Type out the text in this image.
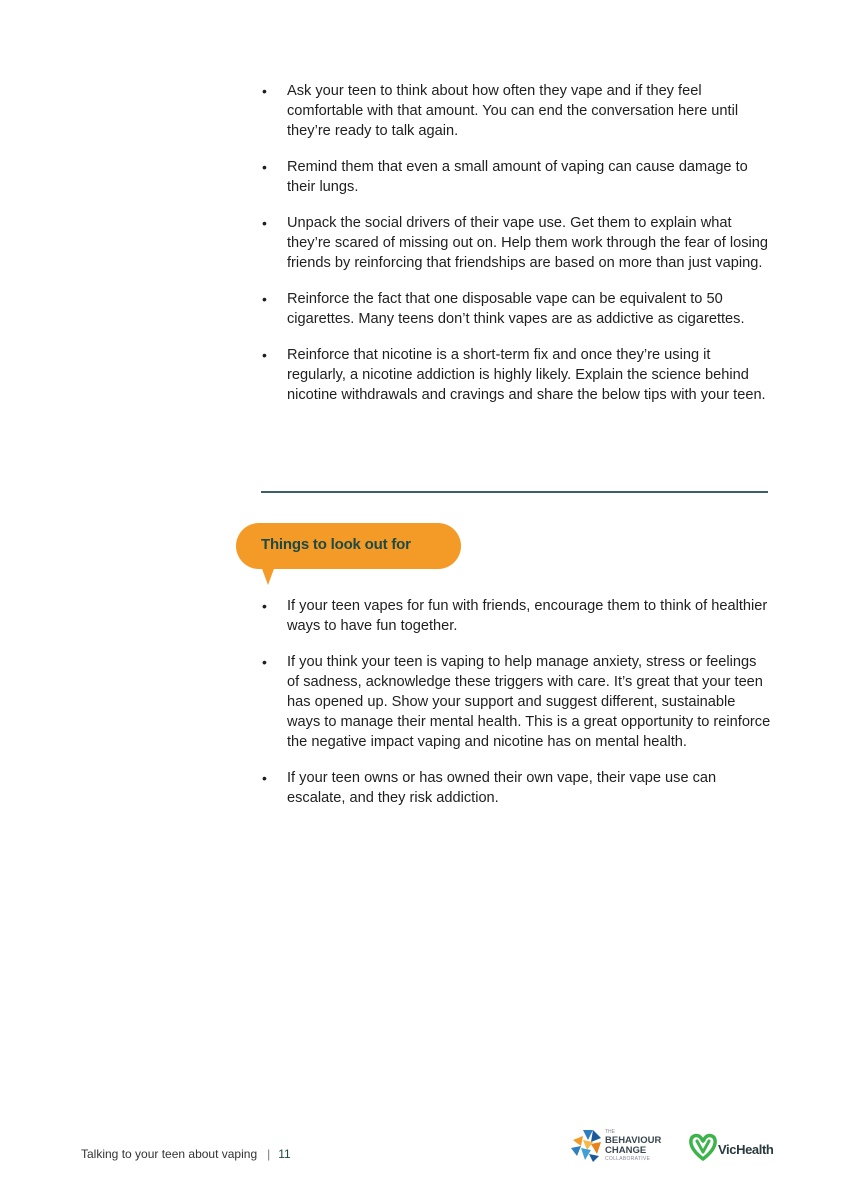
• Ask your teen to think about how often they vape and if they feel comfortable with that amount. You can end the conversation here until they’re ready to talk again.
• Remind them that even a small amount of vaping can cause damage to their lungs.
• Unpack the social drivers of their vape use. Get them to explain what they’re scared of missing out on. Help them work through the fear of losing friends by reinforcing that friendships are based on more than just vaping.
• Reinforce the fact that one disposable vape can be equivalent to 50 cigarettes. Many teens don’t think vapes are as addictive as cigarettes.
• Reinforce that nicotine is a short-term fix and once they’re using it regularly, a nicotine addiction is highly likely. Explain the science behind nicotine withdrawals and cravings and share the below tips with your teen.
Things to look out for
• If your teen vapes for fun with friends, encourage them to think of healthier ways to have fun together.
• If you think your teen is vaping to help manage anxiety, stress or feelings of sadness, acknowledge these triggers with care. It’s great that your teen has opened up. Show your support and suggest different, sustainable ways to manage their mental health. This is a great opportunity to reinforce the negative impact vaping and nicotine has on mental health.
• If your teen owns or has owned their own vape, their vape use can escalate, and they risk addiction.
Talking to your teen about vaping | 11
THE
BEHAVIOUR
CHANGE
COLLABORATIVE
VicHealth
